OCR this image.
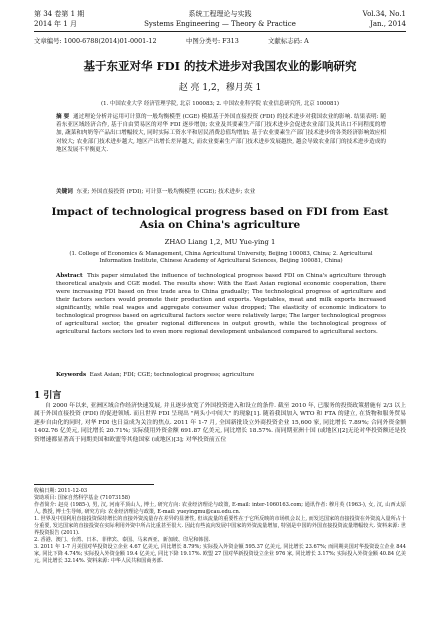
第 34 卷第 1 期
2014 年 1 月
系统工程理论与实践
Systems Engineering — Theory & Practice
Vol.34, No.1
Jan., 2014
文章编号: 1000-6788(2014)01-0001-12	中图分类号: F313	文献标志码: A
基于东亚对华 FDI 的技术进步对我国农业的影响研究
赵 亮 1,2，穆月英 1
(1. 中国农业大学 经济管理学院, 北京 100083; 2. 中国农业科学院 农业信息研究所, 北京 100081)
摘 要 通过理论分析并运用可计算的一般均衡模型 (CGE) 模拟基于外国直接投资 (FDI) 的技术进步对我国农业的影响. 结果表明: 随着东亚区域经济合作, 基于自由贸易区的对华 FDI 逐步增加; 农业及其要素生产部门技术进步会促进农业部门及其出口不同程度的增加, 蔬菜和肉奶等产品出口增幅较大, 同时实际工资水平和居民消费总值均增加; 基于农业要素生产部门技术进步的各类经济影响效应相对较大; 农业部门技术进步越大, 地区产出增长差异越大, 而农业要素生产部门技术进步发展越快, 越会导致农业部门的技术进步造成的地区发展不平衡更大.
关键词 东亚; 外国直接投资 (FDI); 可计算一般均衡模型 (CGE); 技术进步; 农业
Impact of technological progress based on FDI from East Asia on China's agriculture
ZHAO Liang 1,2, MU Yue-ying 1
(1. College of Economics & Management, China Agricultural University, Beijing 100083, China; 2. Agricultural Information Institute, Chinese Academy of Agricultural Sciences, Beijing 100081, China)
Abstract This paper simulated the influence of technological progress based FDI on China's agriculture through theoretical analysis and CGE model. The results show: With the East Asian regional economic cooperation, there were increasing FDI based on free trade area to China gradually; The technological progress of agriculture and their factors sectors would promote their production and exports. Vegetables, meat and milk exports increased significantly, while real wages and aggregate consumer value dropped; The elasticity of economic indicators to technological progress based on agricultural factors sector were relatively large; The larger technological progress of agricultural sector, the greater regional differences in output growth, while the technological progress of agricultural factors sectors led to even more regional development unbalanced compared to agricultural sectors.
Keywords East Asian; FDI; CGE; technological progress; agriculture
1 引言
自 2000 年以来, 亚洲区域合作经济快速发展, 并且逐步放宽了外国投资进入和设立的条件. 截至 2010 年, 已服务的投资政策措施有 2/3 以上属于外国直接投资 (FDI) 的促进领域. 而且世界 FDI 呈现出 "两头小中间大" 的现象[1]. 随着我国加入 WTO 和 FTA 的建立, 在货物和服务贸易逐步自由化的同时, 对华 FDI 也日益成为关注的焦点. 2011 年 1-7 月, 全国新批设立外商投资企业 15,600 家, 同比增长 7.89%; 合同外资金额 1402.76 亿美元, 同比增长 20.71%; 实际使用外资金额 691.87 亿美元, 同比增长 18.57%. 而同期亚洲十国 (或地区)[2]无论对华投资额还是投资增速都显著高于同期美国和欧盟等其他国家 (或地区)[3]; 对华投资前五位
收稿日期: 2011-12-03
资助项目: 国家自然科学基金 (71073158)
作者简介: 赵亮 (1985-), 男, 汉, 河南平顶山人, 博士, 研究方向: 农业经济理论与政策, E-mail: inter-1060163.com; 通讯作者: 穆月英 (1963-), 女, 汉, 山西太原人, 教授, 博士生导师, 研究方向: 农业经济理论与政策, E-mail: yueyingmu@cau.edu.cn.
1. 世界及中国利用直接投资保持增长的直接外资流量存在差异的显著性, 但该流量的重要性在于它所反映的市场机会以上, 而发达国家的直接投资在外资流入量所占十分重要, 发达国家的直接投资在实际利用外资中所占比重甚至很大. 因此有些流向发展中国家的外资流量增加, 特别是中国的外国直接投资流量增幅较大. 资料来源: 世界投资报告 (2011).
2. 香港、澳门、台湾、日本、菲律宾、泰国、马来西亚、新加坡、印尼和韩国.
3. 2011 年 1-7 月美国对华投资设立企业 4.67 亿美元, 同比增长 8.79%; 实际投入外资金额 595.37 亿美元, 同比增长 23.67%; 而同期美国对华投资设立企业 844 家, 同比下降 4.74%; 实际投入外资金额 19.4 亿美元, 同比下降 19.17%. 欧盟 27 国对华新投资设立企业 976 家, 同比增长 3.17%; 实际投入外资金额 40.84 亿美元, 同比增长 32.14%. 资料来源: 中华人民共和国商务部.
